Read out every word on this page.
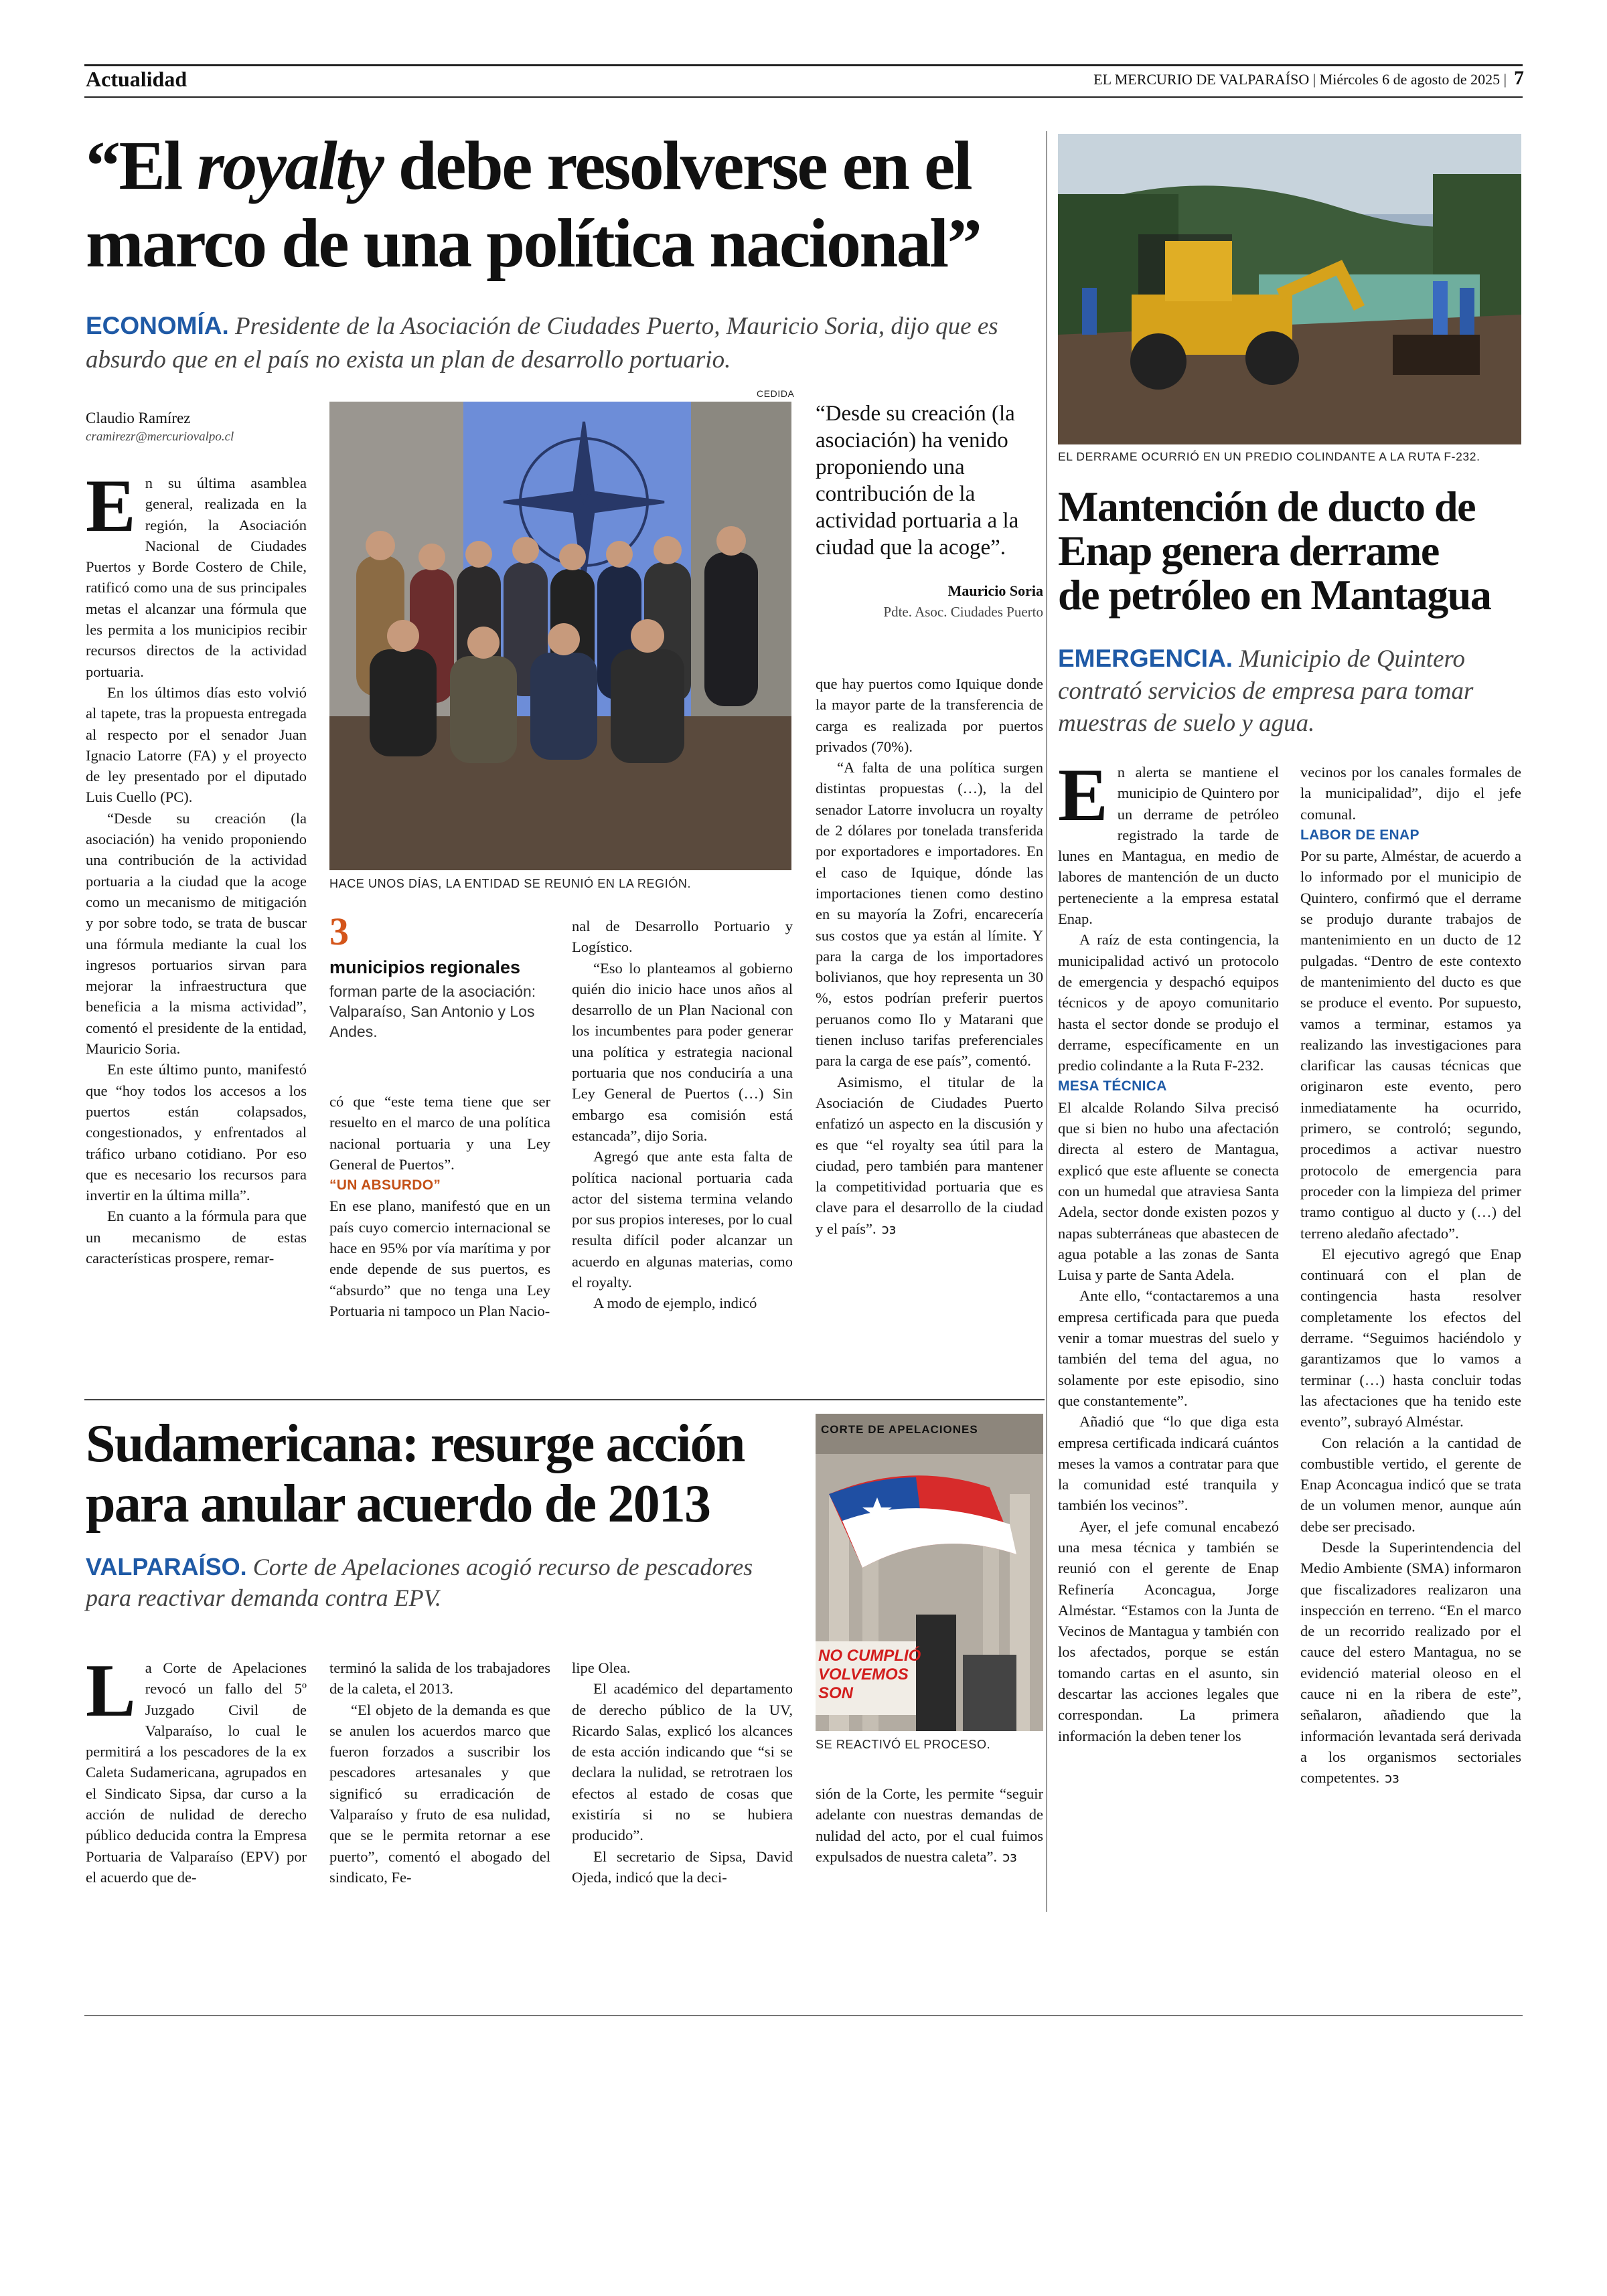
Actualidad	EL MERCURIO DE VALPARAÍSO | Miércoles 6 de agosto de 2025 | 7
“El royalty debe resolverse en el
marco de una política nacional”
ECONOMÍA. Presidente de la Asociación de Ciudades Puerto, Mauricio Soria, dijo que es absurdo que en el país no exista un plan de desarrollo portuario.
Claudio Ramírez
cramirezr@mercuriovalpo.cl
CEDIDA
HACE UNOS DÍAS, LA ENTIDAD SE REUNIÓ EN LA REGIÓN.
3
municipios regionales
forman parte de la asociación: Valparaíso, San Antonio y Los Andes.
“Desde su creación (la asociación) ha venido proponiendo una contribución de la actividad portuaria a la ciudad que la acoge”.
Mauricio Soria
Pdte. Asoc. Ciudades Puerto

En su última asamblea general, realizada en la región, la Asociación Nacional de Ciudades Puertos y Borde Costero de Chile, ratificó como una de sus principales metas el alcanzar una fórmula que les permita a los municipios recibir recursos directos de la actividad portuaria.

En los últimos días esto volvió al tapete, tras la propuesta entregada al respecto por el senador Juan Ignacio Latorre (FA) y el proyecto de ley presentado por el diputado Luis Cuello (PC).

“Desde su creación (la asociación) ha venido proponiendo una contribución de la actividad portuaria a la ciudad que la acoge como un mecanismo de mitigación y por sobre todo, se trata de buscar una fórmula mediante la cual los ingresos portuarios sirvan para mejorar la infraestructura que beneficia a la misma actividad”, comentó el presidente de la entidad, Mauricio Soria.

En este último punto, manifestó que “hoy todos los accesos a los puertos están colapsados, congestionados, y enfrentados al tráfico urbano cotidiano. Por eso que es necesario los recursos para invertir en la última milla”.

En cuanto a la fórmula para que un mecanismo de estas características prospere, remar-

có que “este tema tiene que ser resuelto en el marco de una política nacional portuaria y una Ley General de Puertos”.

“UN ABSURDO”

En ese plano, manifestó que en un país cuyo comercio internacional se hace en 95% por vía marítima y por ende depende de sus puertos, es “absurdo” que no tenga una Ley Portuaria ni tampoco un Plan Nacio-

nal de Desarrollo Portuario y Logístico.

“Eso lo planteamos al gobierno quién dio inicio hace unos años al desarrollo de un Plan Nacional con los incumbentes para poder generar una política y estrategia nacional portuaria que nos conduciría a una Ley General de Puertos (…) Sin embargo esa comisión está estancada”, dijo Soria.

Agregó que ante esta falta de política nacional portuaria cada actor del sistema termina velando por sus propios intereses, por lo cual resulta difícil poder alcanzar un acuerdo en algunas materias, como el royalty.

A modo de ejemplo, indicó

que hay puertos como Iquique donde la mayor parte de la transferencia de carga es realizada por puertos privados (70%).

“A falta de una política surgen distintas propuestas (…), la del senador Latorre involucra un royalty de 2 dólares por tonelada transferida por exportadores e importadores. En el caso de Iquique, dónde las importaciones tienen como destino en su mayoría la Zofri, encarecería sus costos que ya están al límite. Y para la carga de los importadores bolivianos, que hoy representa un 30 %, estos podrían preferir puertos peruanos como Ilo y Matarani que tienen incluso tarifas preferenciales para la carga de ese país”, comentó.

Asimismo, el titular de la Asociación de Ciudades Puerto enfatizó un aspecto en la discusión y es que “el royalty sea útil para la ciudad, pero también para mantener la competitividad portuaria que es clave para el desarrollo de la ciudad y el país”. ↄɜ

EL DERRAME OCURRIÓ EN UN PREDIO COLINDANTE A LA RUTA F-232.
Mantención de ducto de
Enap genera derrame
de petróleo en Mantagua
EMERGENCIA. Municipio de Quintero contrató servicios de empresa para tomar muestras de suelo y agua.

En alerta se mantiene el municipio de Quintero por un derrame de petróleo registrado la tarde de lunes en Mantagua, en medio de labores de mantención de un ducto perteneciente a la empresa estatal Enap.

A raíz de esta contingencia, la municipalidad activó un protocolo de emergencia y despachó equipos técnicos y de apoyo comunitario hasta el sector donde se produjo el derrame, específicamente en un predio colindante a la Ruta F-232.

MESA TÉCNICA

El alcalde Rolando Silva precisó que si bien no hubo una afectación directa al estero de Mantagua, explicó que este afluente se conecta con un humedal que atraviesa Santa Adela, sector donde existen pozos y napas subterráneas que abastecen de agua potable a las zonas de Santa Luisa y parte de Santa Adela.

Ante ello, “contactaremos a una empresa certificada para que pueda venir a tomar muestras del suelo y también del tema del agua, no solamente por este episodio, sino que constantemente”.

Añadió que “lo que diga esta empresa certificada indicará cuántos meses la vamos a contratar para que la comunidad esté tranquila y también los vecinos”.

Ayer, el jefe comunal encabezó una mesa técnica y también se reunió con el gerente de Enap Refinería Aconcagua, Jorge Alméstar. “Estamos con la Junta de Vecinos de Mantagua y también con los afectados, porque se están tomando cartas en el asunto, sin descartar las acciones legales que correspondan. La primera información la deben tener los

vecinos por los canales formales de la municipalidad”, dijo el jefe comunal.

LABOR DE ENAP

Por su parte, Alméstar, de acuerdo a lo informado por el municipio de Quintero, confirmó que el derrame se produjo durante trabajos de mantenimiento en un ducto de 12 pulgadas. “Dentro de este contexto de mantenimiento del ducto es que se produce el evento. Por supuesto, vamos a terminar, estamos ya realizando las investigaciones para clarificar las causas técnicas que originaron este evento, pero inmediatamente ha ocurrido, primero, se controló; segundo, procedimos a activar nuestro protocolo de emergencia para proceder con la limpieza del primer tramo contiguo al ducto y (…) del terreno aledaño afectado”.

El ejecutivo agregó que Enap continuará con el plan de contingencia hasta resolver completamente los efectos del derrame. “Seguimos haciéndolo y garantizamos que lo vamos a terminar (…) hasta concluir todas las afectaciones que ha tenido este evento”, subrayó Alméstar.

Con relación a la cantidad de combustible vertido, el gerente de Enap Aconcagua indicó que se trata de un volumen menor, aunque aún debe ser precisado.

Desde la Superintendencia del Medio Ambiente (SMA) informaron que fiscalizadores realizaron una inspección en terreno. “En el marco de un recorrido realizado por el cauce del estero Mantagua, no se evidenció material oleoso en el cauce ni en la ribera de este”, señalaron, añadiendo que la información levantada será derivada a los organismos sectoriales competentes. ↄɜ

Sudamericana: resurge acción
para anular acuerdo de 2013
VALPARAÍSO. Corte de Apelaciones acogió recurso de pescadores para reactivar demanda contra EPV.
CORTE DE APELACIONES
NO CUMPLIÓ
VOLVEMOS
SON
SE REACTIVÓ EL PROCESO.

La Corte de Apelaciones revocó un fallo del 5º Juzgado Civil de Valparaíso, lo cual le permitirá a los pescadores de la ex Caleta Sudamericana, agrupados en el Sindicato Sipsa, dar curso a la acción de nulidad de derecho público deducida contra la Empresa Portuaria de Valparaíso (EPV) por el acuerdo que de-

terminó la salida de los trabajadores de la caleta, el 2013.

“El objeto de la demanda es que se anulen los acuerdos marco que fueron forzados a suscribir los pescadores artesanales y que significó su erradicación de Valparaíso y fruto de esa nulidad, que se le permita retornar a ese puerto”, comentó el abogado del sindicato, Fe-

lipe Olea.

El académico del departamento de derecho público de la UV, Ricardo Salas, explicó los alcances de esta acción indicando que “si se declara la nulidad, se retrotraen los efectos al estado de cosas que existiría si no se hubiera producido”.

El secretario de Sipsa, David Ojeda, indicó que la deci-

sión de la Corte, les permite “seguir adelante con nuestras demandas de nulidad del acto, por el cual fuimos expulsados de nuestra caleta”. ↄɜ
